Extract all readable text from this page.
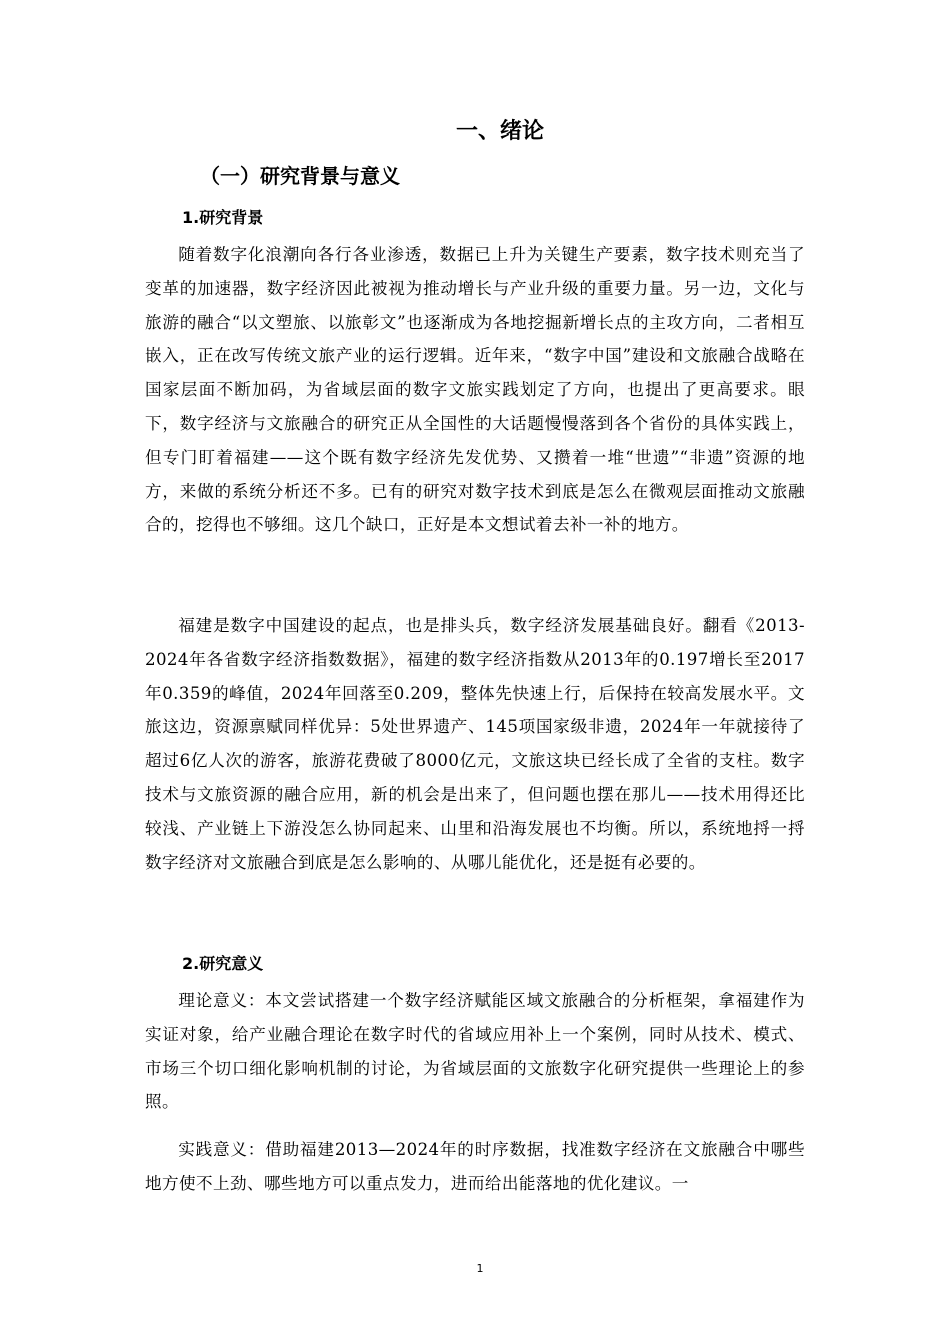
一、绪论
（一）研究背景与意义
1.研究背景

随着数字化浪潮向各行各业渗透，数据已上升为关键生产要素，数字技术则充当了变革的加速器，数字经济因此被视为推动增长与产业升级的重要力量。另一边，文化与旅游的融合“以文塑旅、以旅彰文”也逐渐成为各地挖掘新增长点的主攻方向，二者相互嵌入，正在改写传统文旅产业的运行逻辑。近年来，“数字中国”建设和文旅融合战略在国家层面不断加码，为省域层面的数字文旅实践划定了方向，也提出了更高要求。眼下，数字经济与文旅融合的研究正从全国性的大话题慢慢落到各个省份的具体实践上，但专门盯着福建——这个既有数字经济先发优势、又攒着一堆“世遗”“非遗”资源的地方，来做的系统分析还不多。已有的研究对数字技术到底是怎么在微观层面推动文旅融合的，挖得也不够细。这几个缺口，正好是本文想试着去补一补的地方。

福建是数字中国建设的起点，也是排头兵，数字经济发展基础良好。翻看《2013-2024年各省数字经济指数数据》，福建的数字经济指数从2013年的0.197增长至2017年0.359的峰值，2024年回落至0.209，整体先快速上行，后保持在较高发展水平。文旅这边，资源禀赋同样优异：5处世界遗产、145项国家级非遗，2024年一年就接待了超过6亿人次的游客，旅游花费破了8000亿元，文旅这块已经长成了全省的支柱。数字技术与文旅资源的融合应用，新的机会是出来了，但问题也摆在那儿——技术用得还比较浅、产业链上下游没怎么协同起来、山里和沿海发展也不均衡。所以，系统地捋一捋数字经济对文旅融合到底是怎么影响的、从哪儿能优化，还是挺有必要的。

2.研究意义

理论意义：本文尝试搭建一个数字经济赋能区域文旅融合的分析框架，拿福建作为实证对象，给产业融合理论在数字时代的省域应用补上一个案例，同时从技术、模式、市场三个切口细化影响机制的讨论，为省域层面的文旅数字化研究提供一些理论上的参照。

实践意义：借助福建2013—2024年的时序数据，找准数字经济在文旅融合中哪些地方使不上劲、哪些地方可以重点发力，进而给出能落地的优化建议。一

1
